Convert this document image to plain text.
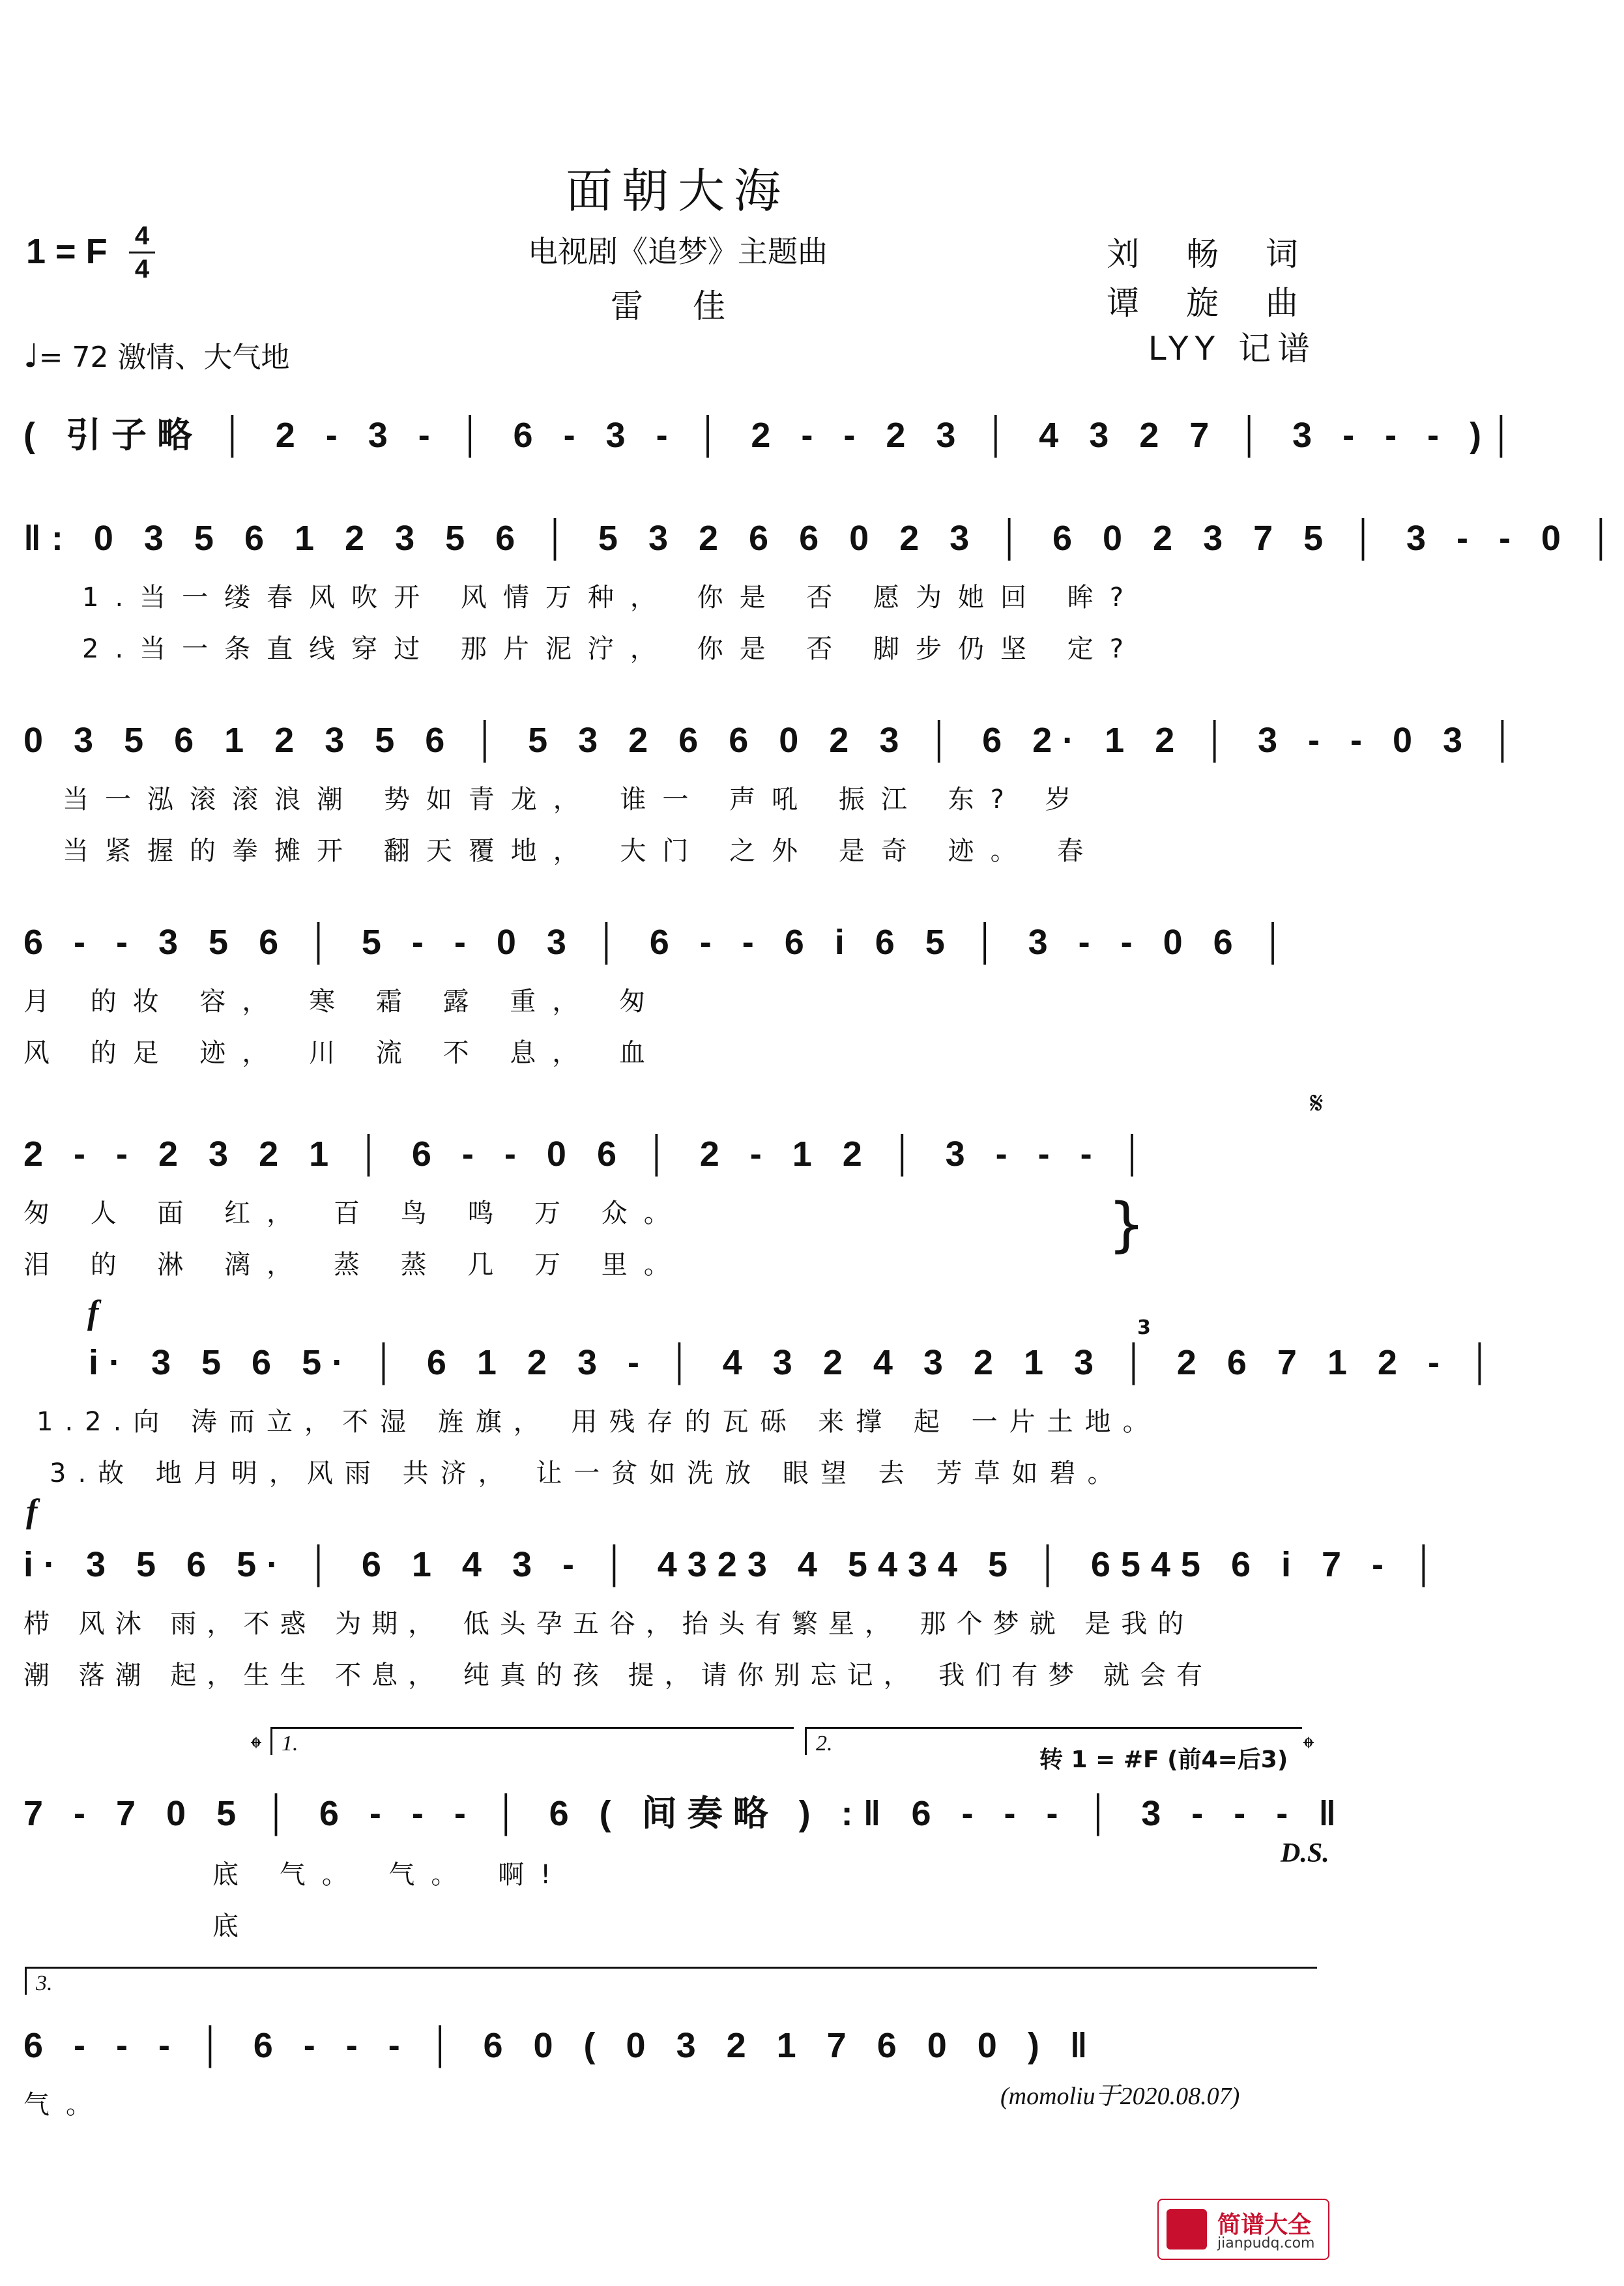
面朝大海
1 = F 4
4	电视剧《追梦》主题曲
雷 佳
刘 畅 词
谭 旋 曲
LYY 记谱
♩= 72 激情、大气地
( 引子略 │ 2 - 3 - │ 6 - 3 - │ 2 - - 2 3 │ 4 3 2 7 │ 3 - - - )│
‖: 0 3 5 6 1 2 3 5 6 │ 5 3 2 6 6 0 2 3 │ 6 0 2 3 7 5 │ 3 - - 0 │
1.当一缕春风吹开 风情万种， 你是 否 愿为她回 眸?
2.当一条直线穿过 那片泥泞， 你是 否 脚步仍坚 定?
0 3 5 6 1 2 3 5 6 │ 5 3 2 6 6 0 2 3 │ 6 2· 1 2 │ 3 - - 0 3 │
当一泓滚滚浪潮 势如青龙， 谁一 声吼 振江 东? 岁
当紧握的拳摊开 翻天覆地， 大门 之外 是奇 迹。 春
6 - - 3 5 6 │ 5 - - 0 3 │ 6 - - 6 i 6 5 │ 3 - - 0 6 │
月 的妆 容， 寒 霜 露 重， 匆
风 的足 迹， 川 流 不 息， 血
2 - - 2 3 2 1 │ 6 - - 0 6 │ 2 - 1 2 │ 3 - - - │
匆 人 面 红， 百 鸟 鸣 万 众。
泪 的 淋 漓， 蒸 蒸 几 万 里。
𝄋
}
f
i· 3 5 6 5· │ 6 1 2 3 - │ 4 3 2 4 3 2 1 3 │ 2 6 7 1 2 - │
1.2.向 涛而立，不湿 旌旗， 用残存的瓦砾 来撑 起 一片土地。
3.故 地月明，风雨 共济， 让一贫如洗放 眼望 去 芳草如碧。
3
f
i· 3 5 6 5· │ 6 1 4 3 - │ 4323 4 5434 5 │ 6545 6 i 7 - │
栉 风沐 雨，不惑 为期， 低头孕五谷，抬头有繁星， 那个梦就 是我的
潮 落潮 起，生生 不息， 纯真的孩 提，请你别忘记， 我们有梦 就会有
𝄌	𝄌
1.	2.
转 1 = #F (前4=后3)
7 - 7 0 5 │ 6 - - - │ 6 ( 间奏略 ) :‖ 6 - - - │ 3 - - - ‖
底 气。 气。 啊!
底
D.S.
3.
6 - - - │ 6 - - - │ 6 0 ( 0 3 2 1 7 6 0 0 ) ‖
气。	(momoliu于2020.08.07)
简谱大全
jianpudq.com
